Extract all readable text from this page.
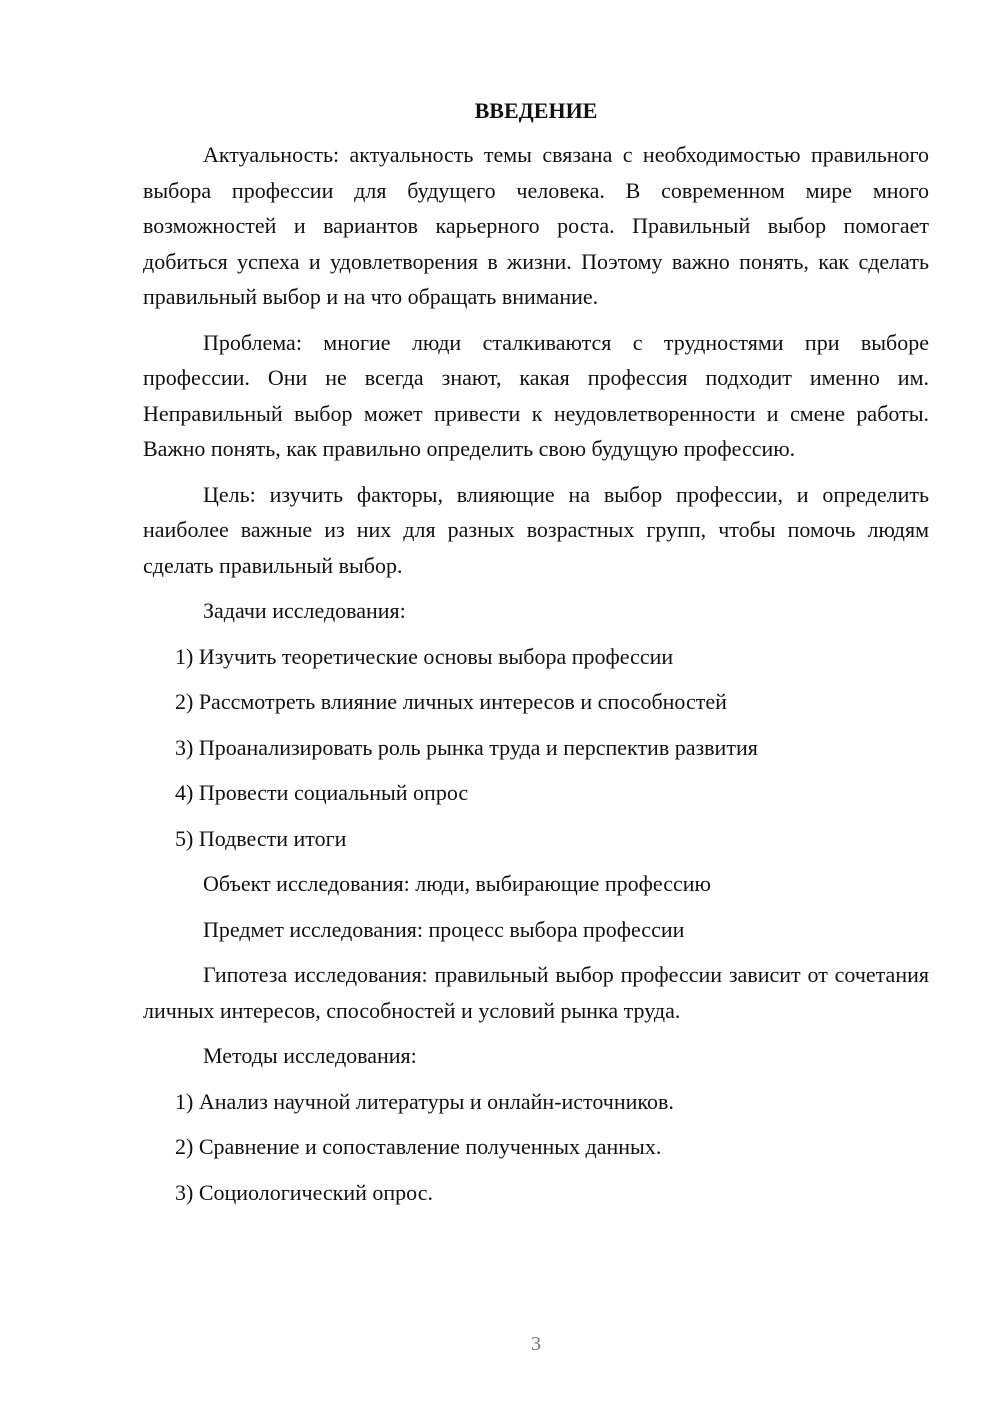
ВВЕДЕНИЕ

Актуальность: актуальность темы связана с необходимостью правильного выбора профессии для будущего человека. В современном мире много возможностей и вариантов карьерного роста. Правильный выбор помогает добиться успеха и удовлетворения в жизни. Поэтому важно понять, как сделать правильный выбор и на что обращать внимание.

Проблема: многие люди сталкиваются с трудностями при выборе профессии. Они не всегда знают, какая профессия подходит именно им. Неправильный выбор может привести к неудовлетворенности и смене работы. Важно понять, как правильно определить свою будущую профессию.

Цель: изучить факторы, влияющие на выбор профессии, и определить наиболее важные из них для разных возрастных групп, чтобы помочь людям сделать правильный выбор.

Задачи исследования:
1) Изучить теоретические основы выбора профессии
2) Рассмотреть влияние личных интересов и способностей
3) Проанализировать роль рынка труда и перспектив развития
4) Провести социальный опрос
5) Подвести итоги
Объект исследования: люди, выбирающие профессию
Предмет исследования: процесс выбора профессии

Гипотеза исследования: правильный выбор профессии зависит от сочетания личных интересов, способностей и условий рынка труда.

Методы исследования:
1) Анализ научной литературы и онлайн-источников.
2) Сравнение и сопоставление полученных данных.
3) Социологический опрос.
3
